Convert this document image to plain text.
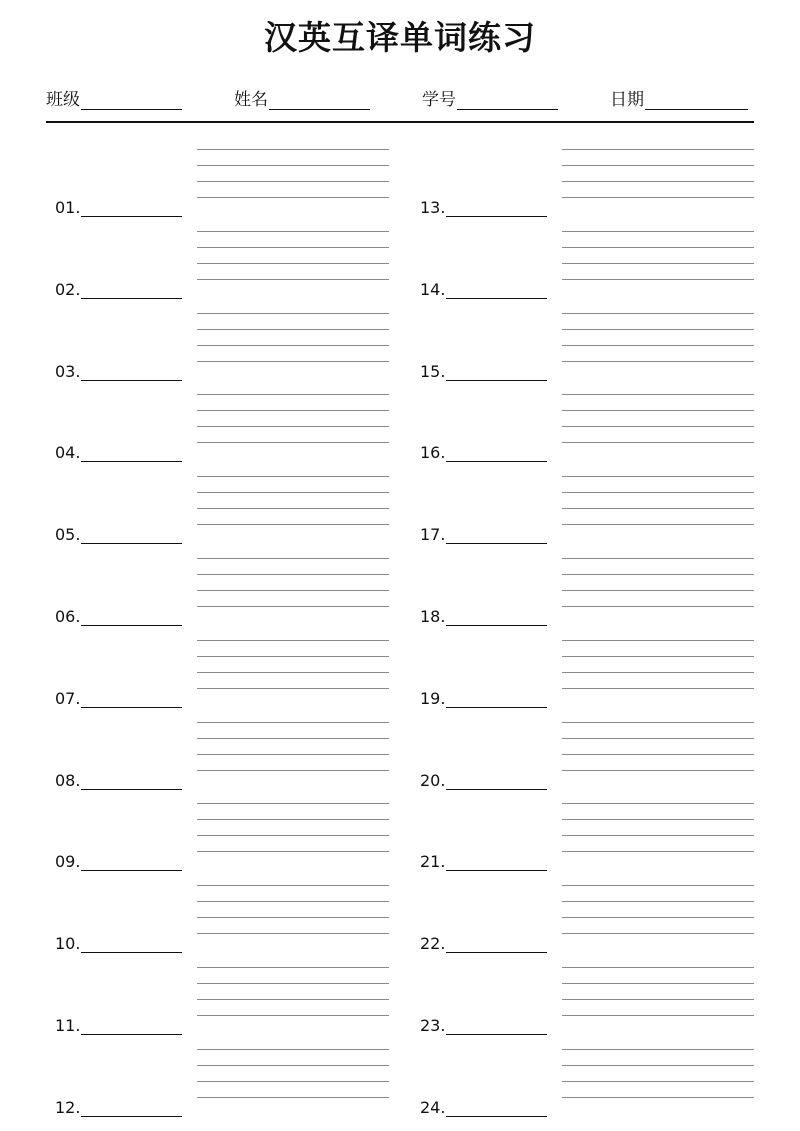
汉英互译单词练习
班级	姓名	学号	日期
01.
02.
03.
04.
05.
06.
07.
08.
09.
10.
11.
12.
13.
14.
15.
16.
17.
18.
19.
20.
21.
22.
23.
24.
